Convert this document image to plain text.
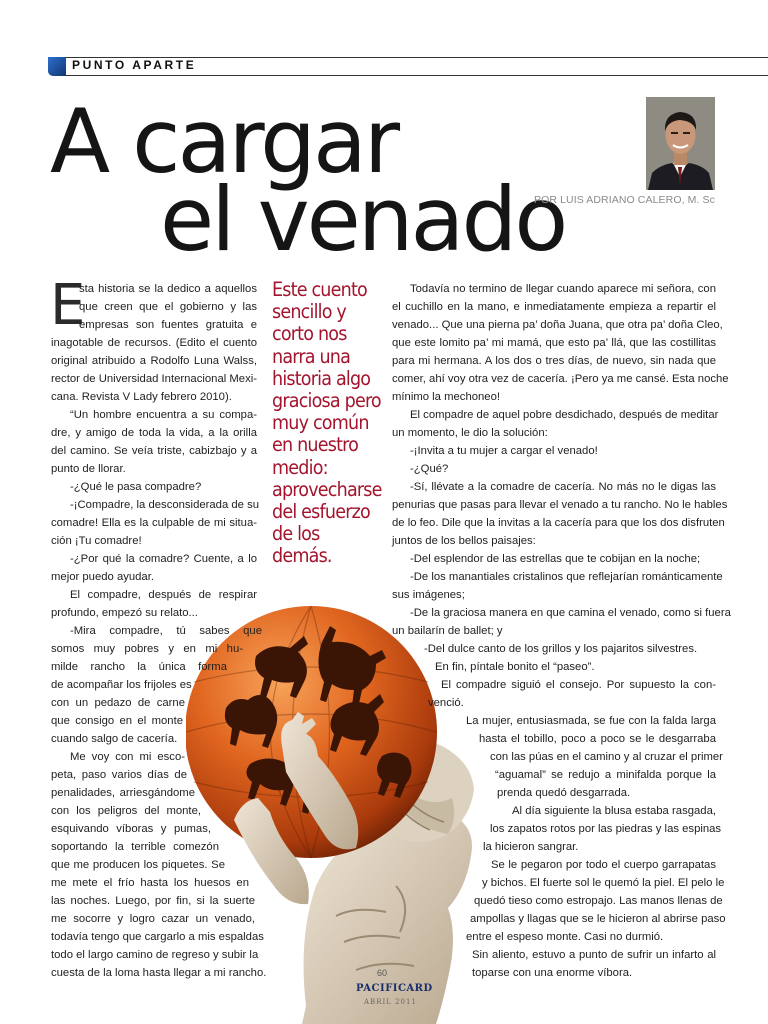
PUNTO APARTE
A cargar
el venado
POR LUIS ADRIANO CALERO, M. Sc
E
sta historia se la dedico a aquellos
que creen que el gobierno y las
empresas son fuentes gratuita e
inagotable de recursos. (Edito el cuento
original atribuido a Rodolfo Luna Walss,
rector de Universidad Internacional Mexi-
cana. Revista V Lady febrero 2010).
“Un hombre encuentra a su compa-
dre, y amigo de toda la vida, a la orilla
del camino. Se veía triste, cabizbajo y a
punto de llorar.
-¿Qué le pasa compadre?
-¡Compadre, la desconsiderada de su
comadre! Ella es la culpable de mi situa-
ción ¡Tu comadre!
-¿Por qué la comadre? Cuente, a lo
mejor puedo ayudar.
El compadre, después de respirar
profundo, empezó su relato...
-Mira compadre, tú sabes que
somos muy pobres y en mi hu-
milde rancho la única forma
de acompañar los frijoles es
con un pedazo de carne
que consigo en el monte
cuando salgo de cacería.
Me voy con mi esco-
peta, paso varios días de
penalidades, arriesgándome
con los peligros del monte,
esquivando víboras y pumas,
soportando la terrible comezón
que me producen los piquetes. Se
me mete el frío hasta los huesos en
las noches. Luego, por fin, si la suerte
me socorre y logro cazar un venado,
todavía tengo que cargarlo a mis espaldas
todo el largo camino de regreso y subir la
cuesta de la loma hasta llegar a mi rancho.
Este cuento
sencillo y
corto nos
narra una
historia algo
graciosa pero
muy común
en nuestro
medio:
aprovecharse
del esfuerzo
de los
demás.
Todavía no termino de llegar cuando aparece mi señora, con
el cuchillo en la mano, e inmediatamente empieza a repartir el
venado... Que una pierna pa’ doña Juana, que otra pa’ doña Cleo,
que este lomito pa’ mi mamá, que esto pa’ llá, que las costillitas
para mi hermana. A los dos o tres días, de nuevo, sin nada que
comer, ahí voy otra vez de cacería. ¡Pero ya me cansé. Esta noche
mínimo la mechoneo!
El compadre de aquel pobre desdichado, después de meditar
un momento, le dio la solución:
-¡Invita a tu mujer a cargar el venado!
-¿Qué?
-Sí, llévate a la comadre de cacería. No más no le digas las
penurias que pasas para llevar el venado a tu rancho. No le hables
de lo feo. Dile que la invitas a la cacería para que los dos disfruten
juntos de los bellos paisajes:
-Del esplendor de las estrellas que te cobijan en la noche;
-De los manantiales cristalinos que reflejarían románticamente
sus imágenes;
-De la graciosa manera en que camina el venado, como si fuera
un bailarín de ballet; y
-Del dulce canto de los grillos y los pajaritos silvestres.
En fin, píntale bonito el “paseo”.
El compadre siguió el consejo. Por supuesto la con-
venció.
La mujer, entusiasmada, se fue con la falda larga
hasta el tobillo, poco a poco se le desgarraba
con las púas en el camino y al cruzar el primer
“aguamal” se redujo a minifalda porque la
prenda quedó desgarrada.
Al día siguiente la blusa estaba rasgada,
los zapatos rotos por las piedras y las espinas
la hicieron sangrar.
Se le pegaron por todo el cuerpo garrapatas
y bichos. El fuerte sol le quemó la piel. El pelo le
quedó tieso como estropajo. Las manos llenas de
ampollas y llagas que se le hicieron al abrirse paso
entre el espeso monte. Casi no durmió.
Sin aliento, estuvo a punto de sufrir un infarto al
toparse con una enorme víbora.
60
PACIFICARD
ABRIL 2011
